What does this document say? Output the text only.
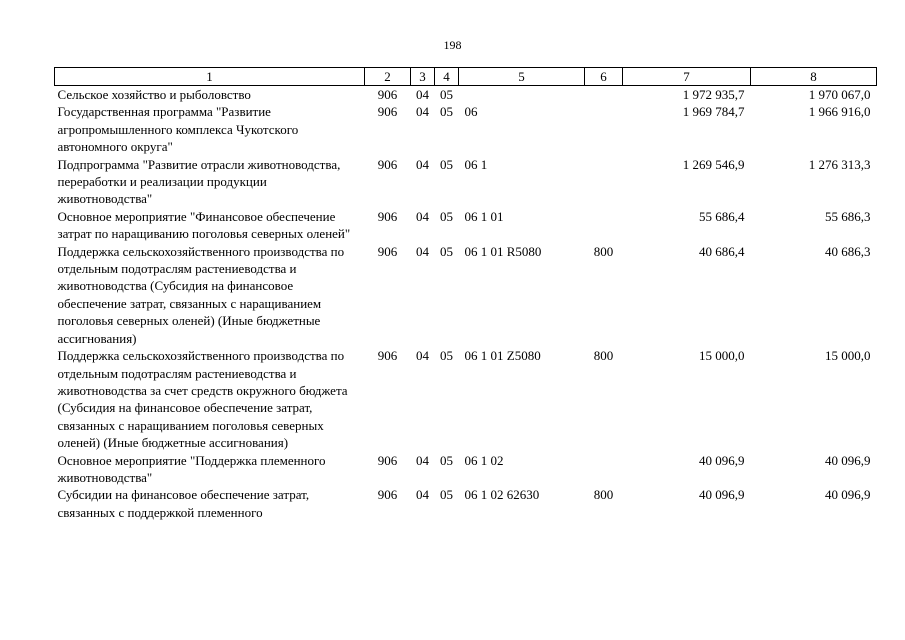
198
1	2	3	4	5	6	7	8
Сельское хозяйство и рыболовство	906	04	05			1 972 935,7	1 970 067,0
Государственная программа "Развитие агропромышленного комплекса Чукотского автономного округа"	906	04	05	06		1 969 784,7	1 966 916,0
Подпрограмма "Развитие отрасли животноводства, переработки и реализации продукции животноводства"	906	04	05	06 1		1 269 546,9	1 276 313,3
Основное мероприятие "Финансовое обеспечение затрат по наращиванию поголовья северных оленей"	906	04	05	06 1 01		55 686,4	55 686,3
Поддержка сельскохозяйственного производства по отдельным подотраслям растениеводства и животноводства (Субсидия на финансовое обеспечение затрат, связанных с наращиванием поголовья северных оленей) (Иные бюджетные ассигнования)	906	04	05	06 1 01 R5080	800	40 686,4	40 686,3
Поддержка сельскохозяйственного производства по отдельным подотраслям растениеводства и животноводства за счет средств окружного бюджета (Субсидия на финансовое обеспечение затрат, связанных с наращиванием поголовья северных оленей) (Иные бюджетные ассигнования)	906	04	05	06 1 01 Z5080	800	15 000,0	15 000,0
Основное мероприятие "Поддержка племенного животноводства"	906	04	05	06 1 02		40 096,9	40 096,9
Субсидии на финансовое обеспечение затрат, связанных с поддержкой племенного	906	04	05	06 1 02 62630	800	40 096,9	40 096,9
